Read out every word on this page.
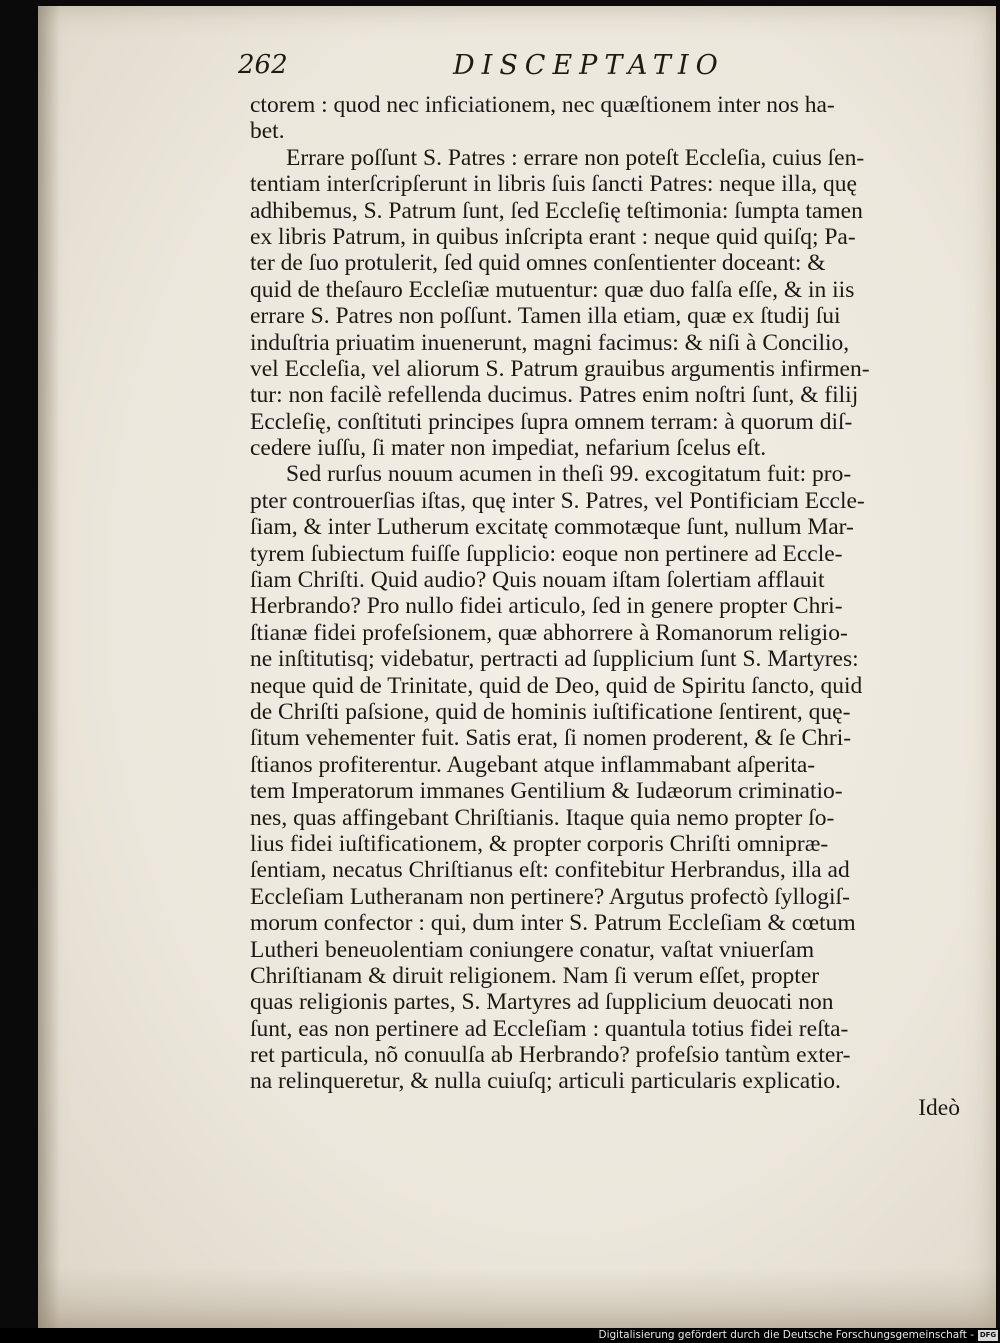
262	DISCEPTATIO
ctorem : quod nec inficiationem, nec quæſtionem inter nos ha-
bet.
Errare poſſunt S. Patres : errare non poteſt Eccleſia, cuius ſen-
tentiam interſcripſerunt in libris ſuis ſancti Patres: neque illa, quę
adhibemus, S. Patrum ſunt, ſed Eccleſię teſtimonia: ſumpta tamen
ex libris Patrum, in quibus inſcripta erant : neque quid quiſq; Pa-
ter de ſuo protulerit, ſed quid omnes conſentienter doceant: &
quid de theſauro Eccleſiæ mutuentur: quæ duo falſa eſſe, & in iis
errare S. Patres non poſſunt. Tamen illa etiam, quæ ex ſtudij ſui
induſtria priuatim inuenerunt, magni facimus: & niſi à Concilio,
vel Eccleſia, vel aliorum S. Patrum grauibus argumentis infirmen-
tur: non facilè refellenda ducimus. Patres enim noſtri ſunt, & filij
Eccleſię, conſtituti principes ſupra omnem terram: à quorum diſ-
cedere iuſſu, ſi mater non impediat, nefarium ſcelus eſt.
Sed rurſus nouum acumen in theſi 99. excogitatum fuit: pro-
pter controuerſias iſtas, quę inter S. Patres, vel Pontificiam Eccle-
ſiam, & inter Lutherum excitatę commotæque ſunt, nullum Mar-
tyrem ſubiectum fuiſſe ſupplicio: eoque non pertinere ad Eccle-
ſiam Chriſti. Quid audio? Quis nouam iſtam ſolertiam afflauit
Herbrando? Pro nullo fidei articulo, ſed in genere propter Chri-
ſtianæ fidei profeſsionem, quæ abhorrere à Romanorum religio-
ne inſtitutisq; videbatur, pertracti ad ſupplicium ſunt S. Martyres:
neque quid de Trinitate, quid de Deo, quid de Spiritu ſancto, quid
de Chriſti paſsione, quid de hominis iuſtificatione ſentirent, quę-
ſitum vehementer fuit. Satis erat, ſi nomen proderent, & ſe Chri-
ſtianos profiterentur. Augebant atque inflammabant aſperita-
tem Imperatorum immanes Gentilium & Iudæorum criminatio-
nes, quas affingebant Chriſtianis. Itaque quia nemo propter ſo-
lius fidei iuſtificationem, & propter corporis Chriſti omnipræ-
ſentiam, necatus Chriſtianus eſt: confitebitur Herbrandus, illa ad
Eccleſiam Lutheranam non pertinere? Argutus profectò ſyllogiſ-
morum confector : qui, dum inter S. Patrum Eccleſiam & cœtum
Lutheri beneuolentiam coniungere conatur, vaſtat vniuerſam
Chriſtianam & diruit religionem. Nam ſi verum eſſet, propter
quas religionis partes, S. Martyres ad ſupplicium deuocati non
ſunt, eas non pertinere ad Eccleſiam : quantula totius fidei reſta-
ret particula, nõ conuulſa ab Herbrando? profeſsio tantùm exter-
na relinqueretur, & nulla cuiuſq; articuli particularis explicatio.
Ideò
Digitalisierung gefördert durch die Deutsche Forschungsgemeinschaft - DFG
